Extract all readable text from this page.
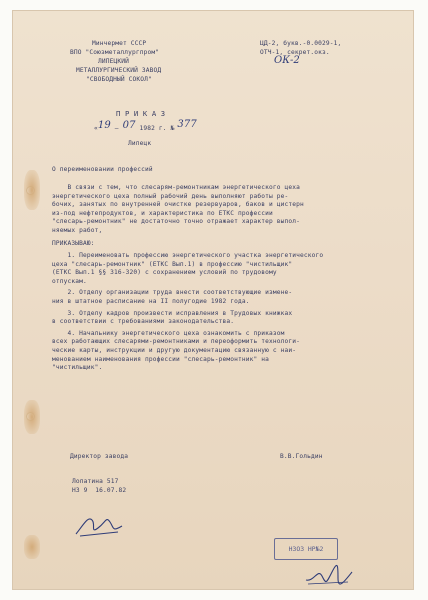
Минчермет СССР
ВПО "Союзметаллургпром"
ЛИПЕЦКИЙ
МЕТАЛЛУРГИЧЕСКИЙ ЗАВОД
"СВОБОДНЫЙ СОКОЛ"
ЦД-2, букв.-0.0029-1,
ОТЧ-1, секрет.окз.
ОК-2
П Р И К А З
«19 — 07 1982 г. № 377
Липецк
О переименовании профессий
В связи с тем, что слесарям-ремонтникам энергетического цеха
энергетического цеха полный рабочий день выполняют работы ре-
бочих, занятых по внутренней очистке резервуаров, баков и цистерн
из-под нефтепродуктов, и характеристика по ЕТКС профессии
"слесарь-ремонтник" не достаточно точно отражает характер выпол-
няемых работ,
ПРИКАЗЫВАЮ:
1. Переименовать профессию энергетического участка энергетического
цеха "слесарь-ремонтник" (ЕТКС Вып.1) в профессию "чистильщик"
(ЕТКС Вып.1 §§ 316-320) с сохранением условий по трудовому
отпускам.
2. Отделу организации труда внести соответствующие измене-
ния в штатное расписание на II полугодие 1982 года.
3. Отделу кадров произвести исправления в Трудовых книжках
в соответствии с требованиями законодательства.
4. Начальнику энергетического цеха ознакомить с приказом
всех работающих слесарями-ремонтниками и переоформить технологи-
ческие карты, инструкции и другую документацию связанную с наи-
менованием наименования профессии "слесарь-ремонтник" на
"чистильщик".
Директор завода	В.В.Гольдин
Лопатина 517
НЗ 9  16.07.82
НЗОЗ НР№2
